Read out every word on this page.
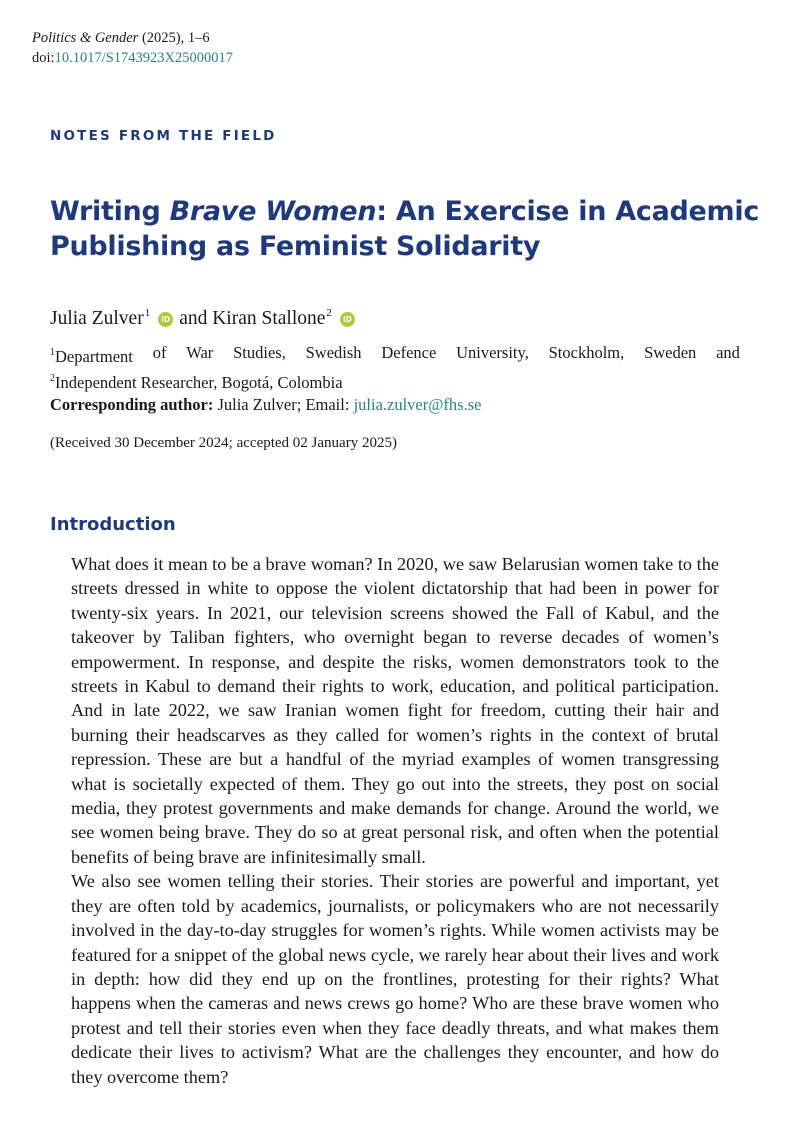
Politics & Gender (2025), 1–6
doi:10.1017/S1743923X25000017
NOTES FROM THE FIELD
Writing Brave Women: An Exercise in Academic Publishing as Feminist Solidarity
Julia Zulver$^1$iD and Kiran Stallone$^2$iD
$^1$Department of War Studies, Swedish Defence University, Stockholm, Sweden and
$^2$Independent Researcher, Bogotá, Colombia
Corresponding author: Julia Zulver; Email: julia.zulver@fhs.se
(Received 30 December 2024; accepted 02 January 2025)
Introduction

What does it mean to be a brave woman? In 2020, we saw Belarusian women take to the streets dressed in white to oppose the violent dictatorship that had been in power for twenty-six years. In 2021, our television screens showed the Fall of Kabul, and the takeover by Taliban fighters, who overnight began to reverse decades of women’s empowerment. In response, and despite the risks, women demonstrators took to the streets in Kabul to demand their rights to work, education, and political participation. And in late 2022, we saw Iranian women fight for freedom, cutting their hair and burning their headscarves as they called for women’s rights in the context of brutal repression. These are but a handful of the myriad examples of women transgressing what is societally expected of them. They go out into the streets, they post on social media, they protest governments and make demands for change. Around the world, we see women being brave. They do so at great personal risk, and often when the potential benefits of being brave are infinitesimally small.

We also see women telling their stories. Their stories are powerful and important, yet they are often told by academics, journalists, or policymakers who are not necessarily involved in the day-to-day struggles for women’s rights. While women activists may be featured for a snippet of the global news cycle, we rarely hear about their lives and work in depth: how did they end up on the frontlines, protesting for their rights? What happens when the cameras and news crews go home? Who are these brave women who protest and tell their stories even when they face deadly threats, and what makes them dedicate their lives to activism? What are the challenges they encounter, and how do they overcome them?
